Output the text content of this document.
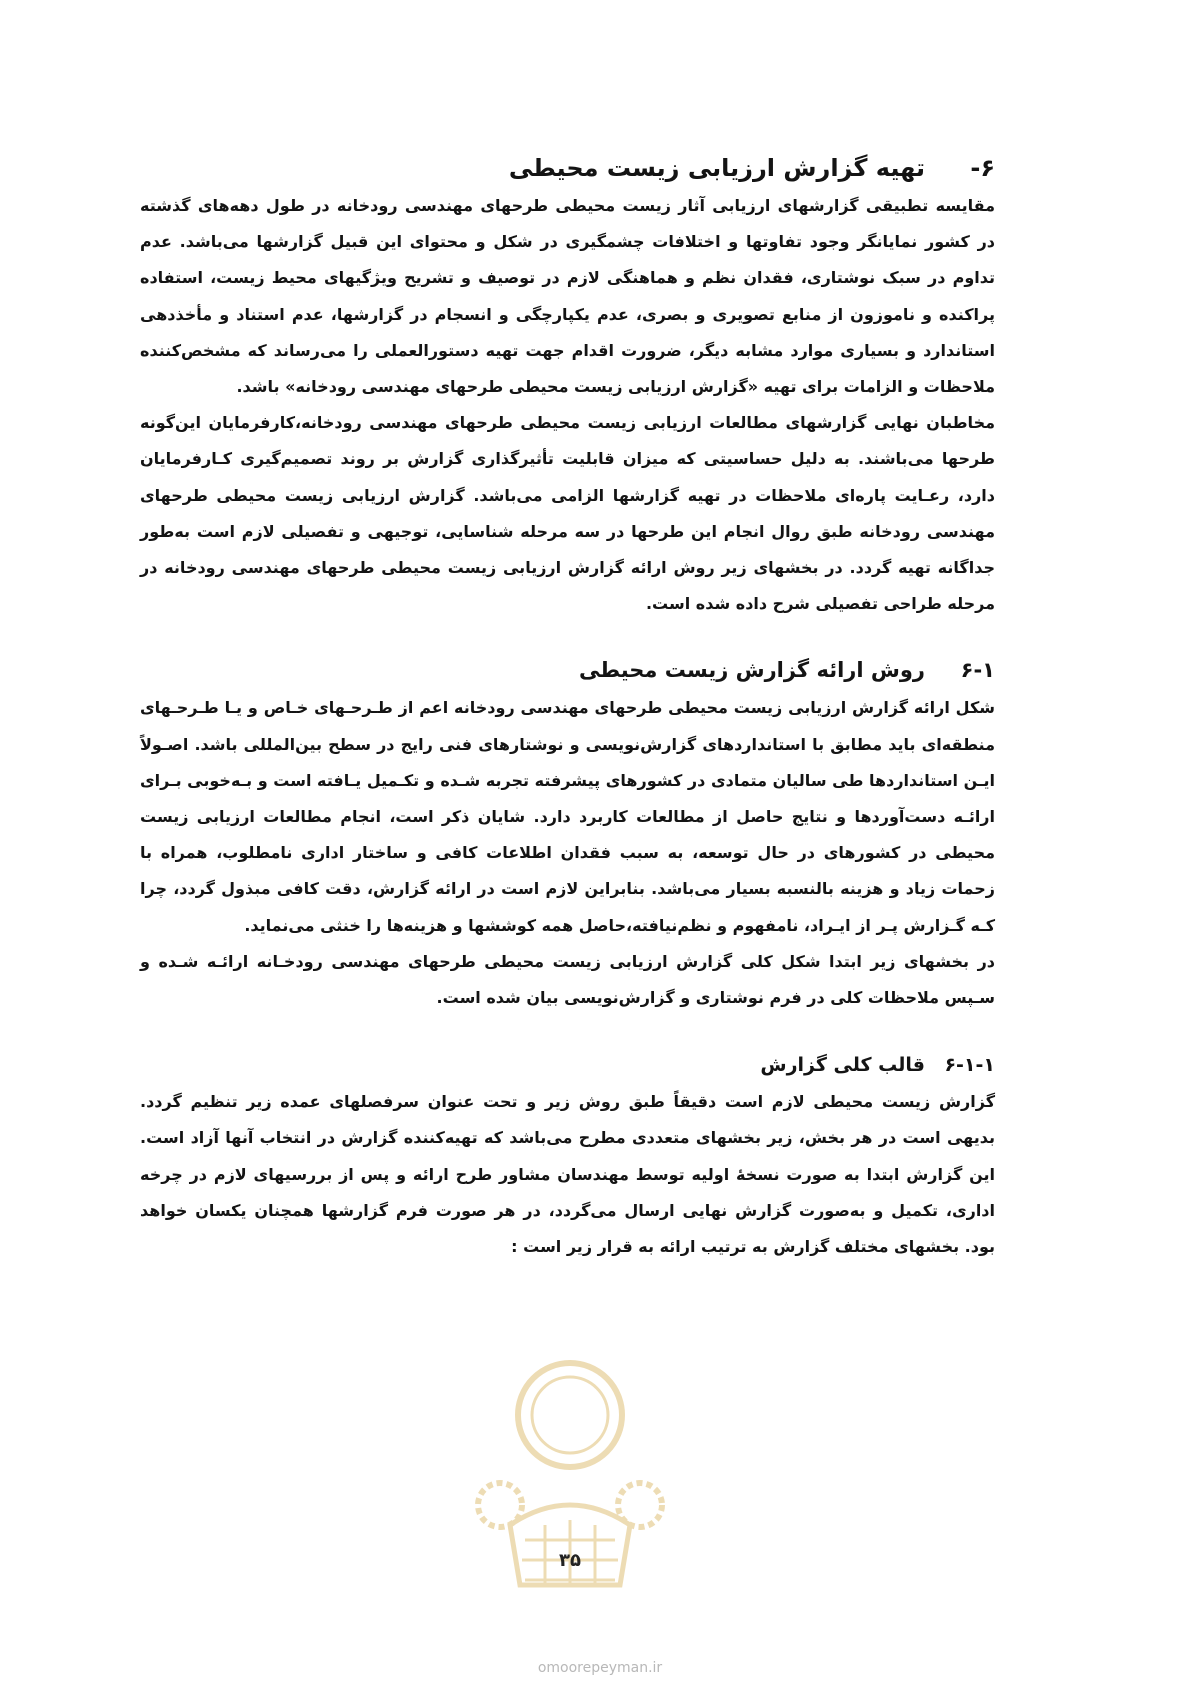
۶-تهیه گزارش ارزیابی زیست محیطی

مقایسه تطبیقی گزارشهای ارزیابی آثار زیست محیطی طرحهای مهندسی رودخانه در طول دهه‌های گذشته در کشور نمایانگر وجود تفاوتها و اختلافات چشمگیری در شکل و محتوای این قبیل گزارشها می‌باشد. عدم تداوم در سبک نوشتاری، فقدان نظم و هماهنگی لازم در توصیف و تشریح ویژگیهای محیط زیست، استفاده پراکنده و ناموزون از منابع تصویری و بصری، عدم یکپارچگی و انسجام در گزارشها، عدم استناد و مأخذدهی استاندارد و بسیاری موارد مشابه دیگر، ضرورت اقدام جهت تهیه دستورالعملی را می‌رساند که مشخص‌کننده ملاحظات و الزامات برای تهیه «گزارش ارزیابی زیست محیطی طرحهای مهندسی رودخانه» باشد.

مخاطبان نهایی گزارشهای مطالعات ارزیابی زیست محیطی طرحهای مهندسی رودخانه،کارفرمایان این‌گونه طرحها می‌باشند. به دلیل حساسیتی که میزان قابلیت تأثیرگذاری گزارش بر روند تصمیم‌گیری کـارفرمایان دارد، رعـایت پاره‌ای ملاحظات در تهیه گزارشها الزامی می‌باشد. گزارش ارزیابی زیست محیطی طرحهای مهندسی رودخانه طبق روال انجام این طرحها در سه مرحله شناسایی، توجیهی و تفصیلی لازم است به‌طور جداگانه تهیه گردد. در بخشهای زیر روش ارائه گزارش ارزیابی زیست محیطی طرحهای مهندسی رودخانه در مرحله طراحی تفصیلی شرح داده شده است.

۶-۱روش ارائه گزارش زیست محیطی

شکل ارائه گزارش ارزیابی زیست محیطی طرحهای مهندسی رودخانه اعم از طـرحـهای خـاص و یـا طـرحـهای منطقه‌ای باید مطابق با استانداردهای گزارش‌نویسی و نوشتارهای فنی رایج در سطح بین‌المللی باشد. اصـولاً ایـن استانداردها طی سالیان متمادی در کشورهای پیشرفته تجربه شـده و تکـمیل یـافته است و بـه‌خوبی بـرای ارائـه دست‌آوردها و نتایج حاصل از مطالعات کاربرد دارد. شایان ذکر است، انجام مطالعات ارزیابی زیست محیطی در کشورهای در حال توسعه، به سبب فقدان اطلاعات کافی و ساختار اداری نامطلوب، همراه با زحمات زیاد و هزینه بالنسبه بسیار می‌باشد. بنابراین لازم است در ارائه گزارش، دقت کافی مبذول گردد، چرا کـه گـزارش پـر از ایـراد، نامفهوم و نظم‌نیافته،حاصل همه کوششها و هزینه‌ها را خنثی می‌نماید.

در بخشهای زیر ابتدا شکل کلی گزارش ارزیابی زیست محیطی طرحهای مهندسی رودخـانه ارائـه شـده و سـپس ملاحظات کلی در فرم نوشتاری و گزارش‌نویسی بیان شده است.

۶-۱-۱قالب کلی گزارش

گزارش زیست محیطی لازم است دقیقاً طبق روش زیر و تحت عنوان سرفصلهای عمده زیر تنظیم گردد. بدیهی است در هر بخش، زیر بخشهای متعددی مطرح می‌باشد که تهیه‌کننده گزارش در انتخاب آنها آزاد است. این گزارش ابتدا به صورت نسخهٔ اولیه توسط مهندسان مشاور طرح ارائه و پس از بررسیهای لازم در چرخه اداری، تکمیل و به‌صورت گزارش نهایی ارسال می‌گردد، در هر صورت فرم گزارشها همچنان یکسان خواهد بود. بخشهای مختلف گزارش به ترتیب ارائه به قرار زیر است :

۳۵
omoorepeyman.ir
